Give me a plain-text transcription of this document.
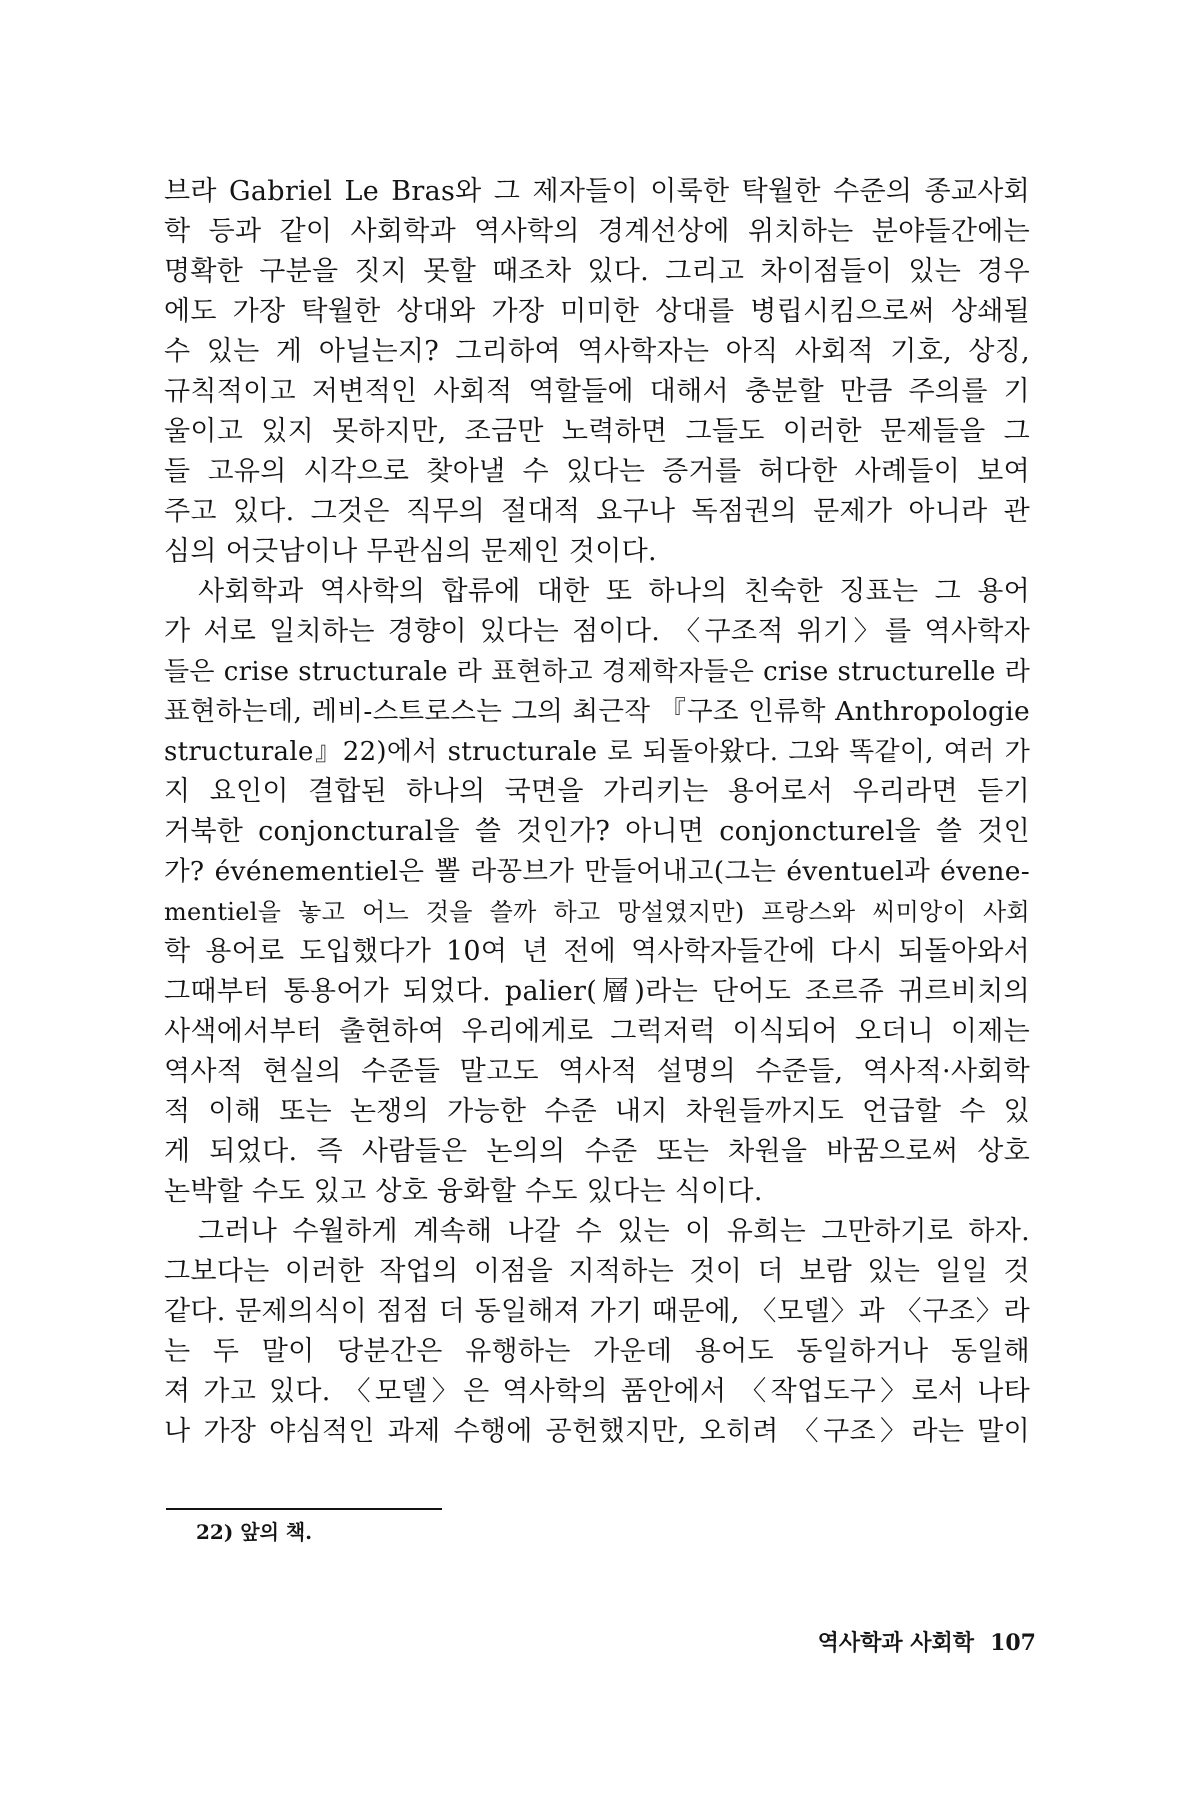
브라 Gabriel Le Bras와 그 제자들이 이룩한 탁월한 수준의 종교사회
학 등과 같이 사회학과 역사학의 경계선상에 위치하는 분야들간에는
명확한 구분을 짓지 못할 때조차 있다. 그리고 차이점들이 있는 경우
에도 가장 탁월한 상대와 가장 미미한 상대를 병립시킴으로써 상쇄될
수 있는 게 아닐는지? 그리하여 역사학자는 아직 사회적 기호, 상징,
규칙적이고 저변적인 사회적 역할들에 대해서 충분할 만큼 주의를 기
울이고 있지 못하지만, 조금만 노력하면 그들도 이러한 문제들을 그
들 고유의 시각으로 찾아낼 수 있다는 증거를 허다한 사례들이 보여
주고 있다. 그것은 직무의 절대적 요구나 독점권의 문제가 아니라 관
심의 어긋남이나 무관심의 문제인 것이다.
사회학과 역사학의 합류에 대한 또 하나의 친숙한 징표는 그 용어
가 서로 일치하는 경향이 있다는 점이다. 〈구조적 위기〉를 역사학자
들은 crise structurale 라 표현하고 경제학자들은 crise structurelle 라
표현하는데, 레비-스트로스는 그의 최근작 『구조 인류학 Anthropologie
structurale』22)에서 structurale 로 되돌아왔다. 그와 똑같이, 여러 가
지 요인이 결합된 하나의 국면을 가리키는 용어로서 우리라면 듣기
거북한 conjonctural을 쓸 것인가? 아니면 conjoncturel을 쓸 것인
가? événementiel은 뽈 라꽁브가 만들어내고(그는 éventuel과 évene-
mentiel을 놓고 어느 것을 쓸까 하고 망설였지만) 프랑스와 씨미앙이 사회
학 용어로 도입했다가 10여 년 전에 역사학자들간에 다시 되돌아와서
그때부터 통용어가 되었다. palier(層)라는 단어도 조르쥬 귀르비치의
사색에서부터 출현하여 우리에게로 그럭저럭 이식되어 오더니 이제는
역사적 현실의 수준들 말고도 역사적 설명의 수준들, 역사적·사회학
적 이해 또는 논쟁의 가능한 수준 내지 차원들까지도 언급할 수 있
게 되었다. 즉 사람들은 논의의 수준 또는 차원을 바꿈으로써 상호
논박할 수도 있고 상호 융화할 수도 있다는 식이다.
그러나 수월하게 계속해 나갈 수 있는 이 유희는 그만하기로 하자.
그보다는 이러한 작업의 이점을 지적하는 것이 더 보람 있는 일일 것
같다. 문제의식이 점점 더 동일해져 가기 때문에, 〈모델〉과 〈구조〉라
는 두 말이 당분간은 유행하는 가운데 용어도 동일하거나 동일해
져 가고 있다. 〈모델〉은 역사학의 품안에서 〈작업도구〉로서 나타
나 가장 야심적인 과제 수행에 공헌했지만, 오히려 〈구조〉라는 말이
22) 앞의 책.
역사학과 사회학 107
